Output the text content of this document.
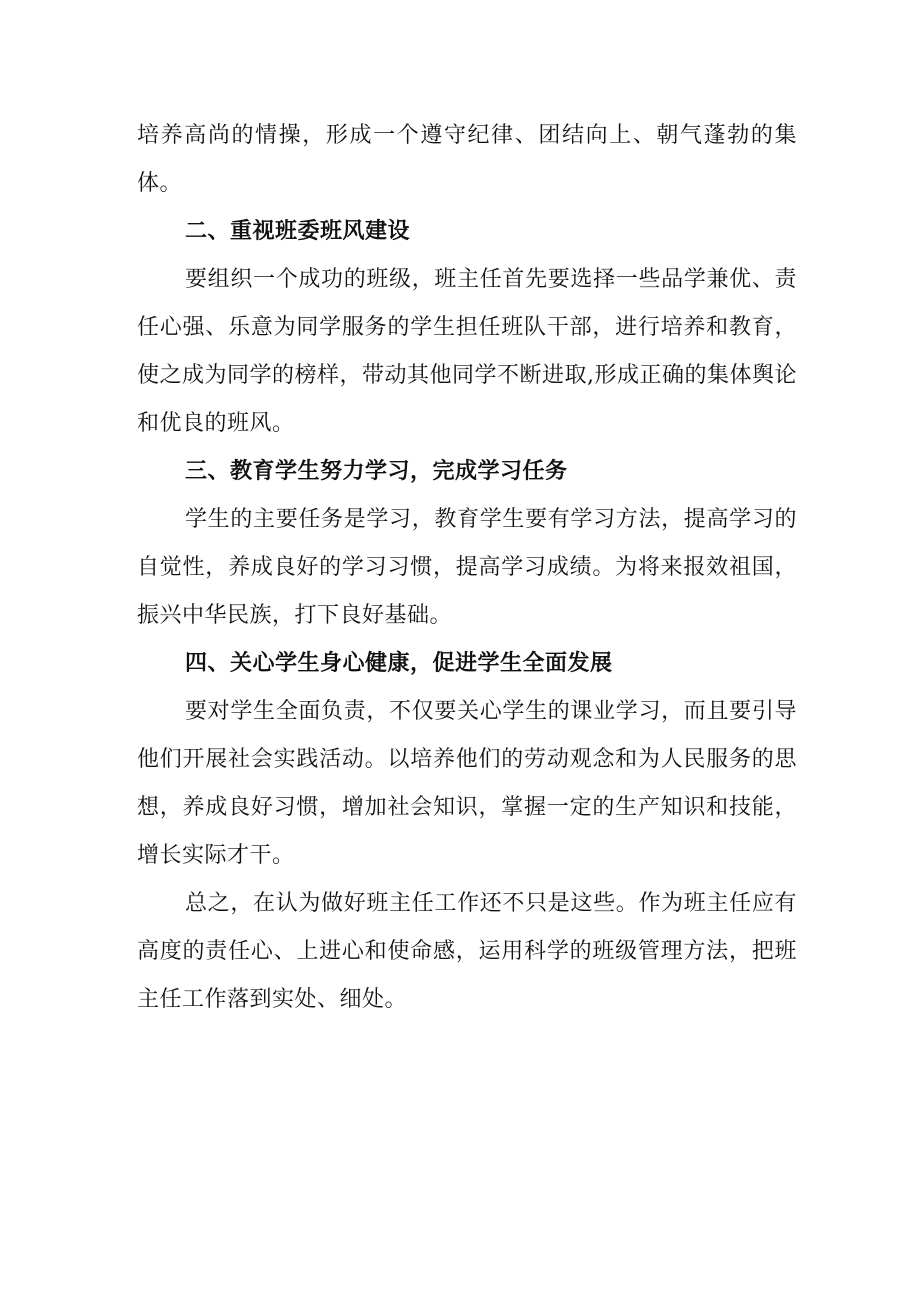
培养高尚的情操，形成一个遵守纪律、团结向上、朝气蓬勃的集体。

二、重视班委班风建设

要组织一个成功的班级，班主任首先要选择一些品学兼优、责任心强、乐意为同学服务的学生担任班队干部，进行培养和教育，使之成为同学的榜样，带动其他同学不断进取,形成正确的集体舆论和优良的班风。

三、教育学生努力学习，完成学习任务

学生的主要任务是学习，教育学生要有学习方法，提高学习的自觉性，养成良好的学习习惯，提高学习成绩。为将来报效祖国，振兴中华民族，打下良好基础。

四、关心学生身心健康，促进学生全面发展

要对学生全面负责，不仅要关心学生的课业学习，而且要引导他们开展社会实践活动。以培养他们的劳动观念和为人民服务的思想，养成良好习惯，增加社会知识，掌握一定的生产知识和技能，增长实际才干。

总之，在认为做好班主任工作还不只是这些。作为班主任应有高度的责任心、上进心和使命感，运用科学的班级管理方法，把班主任工作落到实处、细处。
